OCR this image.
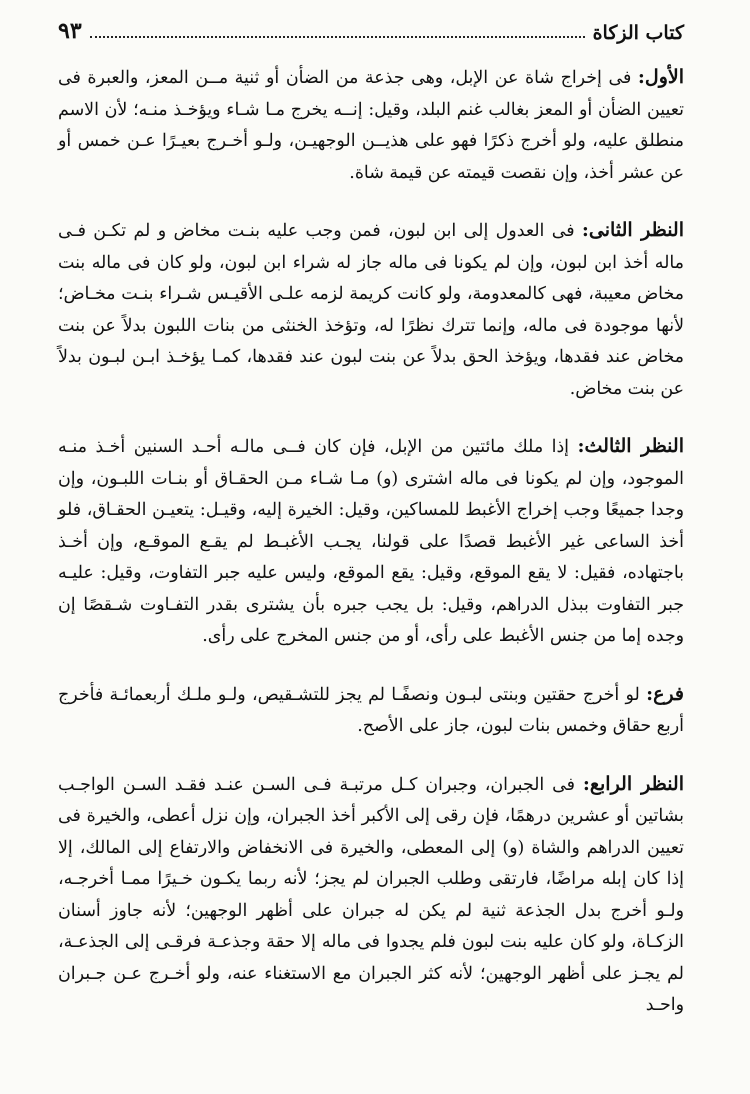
كتاب الزكاة
٩٣

الأول: فى إخراج شاة عن الإبل، وهى جذعة من الضأن أو ثنية مــن المعز، والعبرة فى تعيين الضأن أو المعز بغالب غنم البلد، وقيل: إنــه يخرج مـا شـاء ويؤخـذ منـه؛ لأن الاسم منطلق عليه، ولو أخرج ذكرًا فهو على هذيــن الوجهيـن، ولـو أخـرج بعيـرًا عـن خمس أو عن عشر أخذ، وإن نقصت قيمته عن قيمة شاة.

النظر الثانى: فى العدول إلى ابن لبون، فمن وجب عليه بنـت مخاض و لم تكـن فـى ماله أخذ ابن لبون، وإن لم يكونا فى ماله جاز له شراء ابن لبون، ولو كان فى ماله بنت مخاض معيبة، فهى كالمعدومة، ولو كانت كريمة لزمه علـى الأقيـس شـراء بنـت مخـاض؛ لأنها موجودة فى ماله، وإنما تترك نظرًا له، وتؤخذ الخنثى من بنات اللبون بدلاً عن بنت مخاض عند فقدها، ويؤخذ الحق بدلاً عن بنت لبون عند فقدها، كمـا يؤخـذ ابـن لبـون بدلاً عن بنت مخاض.

النظر الثالث: إذا ملك مائتين من الإبل، فإن كان فــى مالـه أحـد السنين أخـذ منـه الموجود، وإن لم يكونا فى ماله اشترى (و) مـا شـاء مـن الحقـاق أو بنـات اللبـون، وإن وجدا جميعًا وجب إخراج الأغبط للمساكين، وقيل: الخيرة إليه، وقيـل: يتعيـن الحقـاق، فلو أخذ الساعى غير الأغبط قصدًا على قولنا، يجـب الأغبـط لم يقـع الموقـع، وإن أخـذ باجتهاده، فقيل: لا يقع الموقع، وقيل: يقع الموقع، وليس عليه جبر التفاوت، وقيل: عليـه جبر التفاوت ببذل الدراهم، وقيل: بل يجب جبره بأن يشترى بقدر التفـاوت شـقصًا إن وجده إما من جنس الأغبط على رأى، أو من جنس المخرج على رأى.

فرع: لو أخرج حقتين وبنتى لبـون ونصفًـا لم يجز للتشـقيص، ولـو ملـك أربعمائـة فأخرج أربع حقاق وخمس بنات لبون، جاز على الأصح.

النظر الرابع: فى الجبران، وجبران كـل مرتبـة فـى السـن عنـد فقـد السـن الواجـب بشاتين أو عشرين درهمًا، فإن رقى إلى الأكبر أخذ الجبران، وإن نزل أعطى، والخيرة فى تعيين الدراهم والشاة (و) إلى المعطى، والخيرة فى الانخفاض والارتفاع إلى المالك، إلا إذا كان إبله مراضًا، فارتقى وطلب الجبران لم يجز؛ لأنه ربما يكـون خـيرًا ممـا أخرجـه، ولـو أخرج بدل الجذعة ثنية لم يكن له جبران على أظهر الوجهين؛ لأنه جاوز أسنان الزكـاة، ولو كان عليه بنت لبون فلم يجدوا فى ماله إلا حقة وجذعـة فرقـى إلى الجذعـة، لم يجـز على أظهر الوجهين؛ لأنه كثر الجبران مع الاستغناء عنه، ولو أخـرج عـن جـبران واحـد
